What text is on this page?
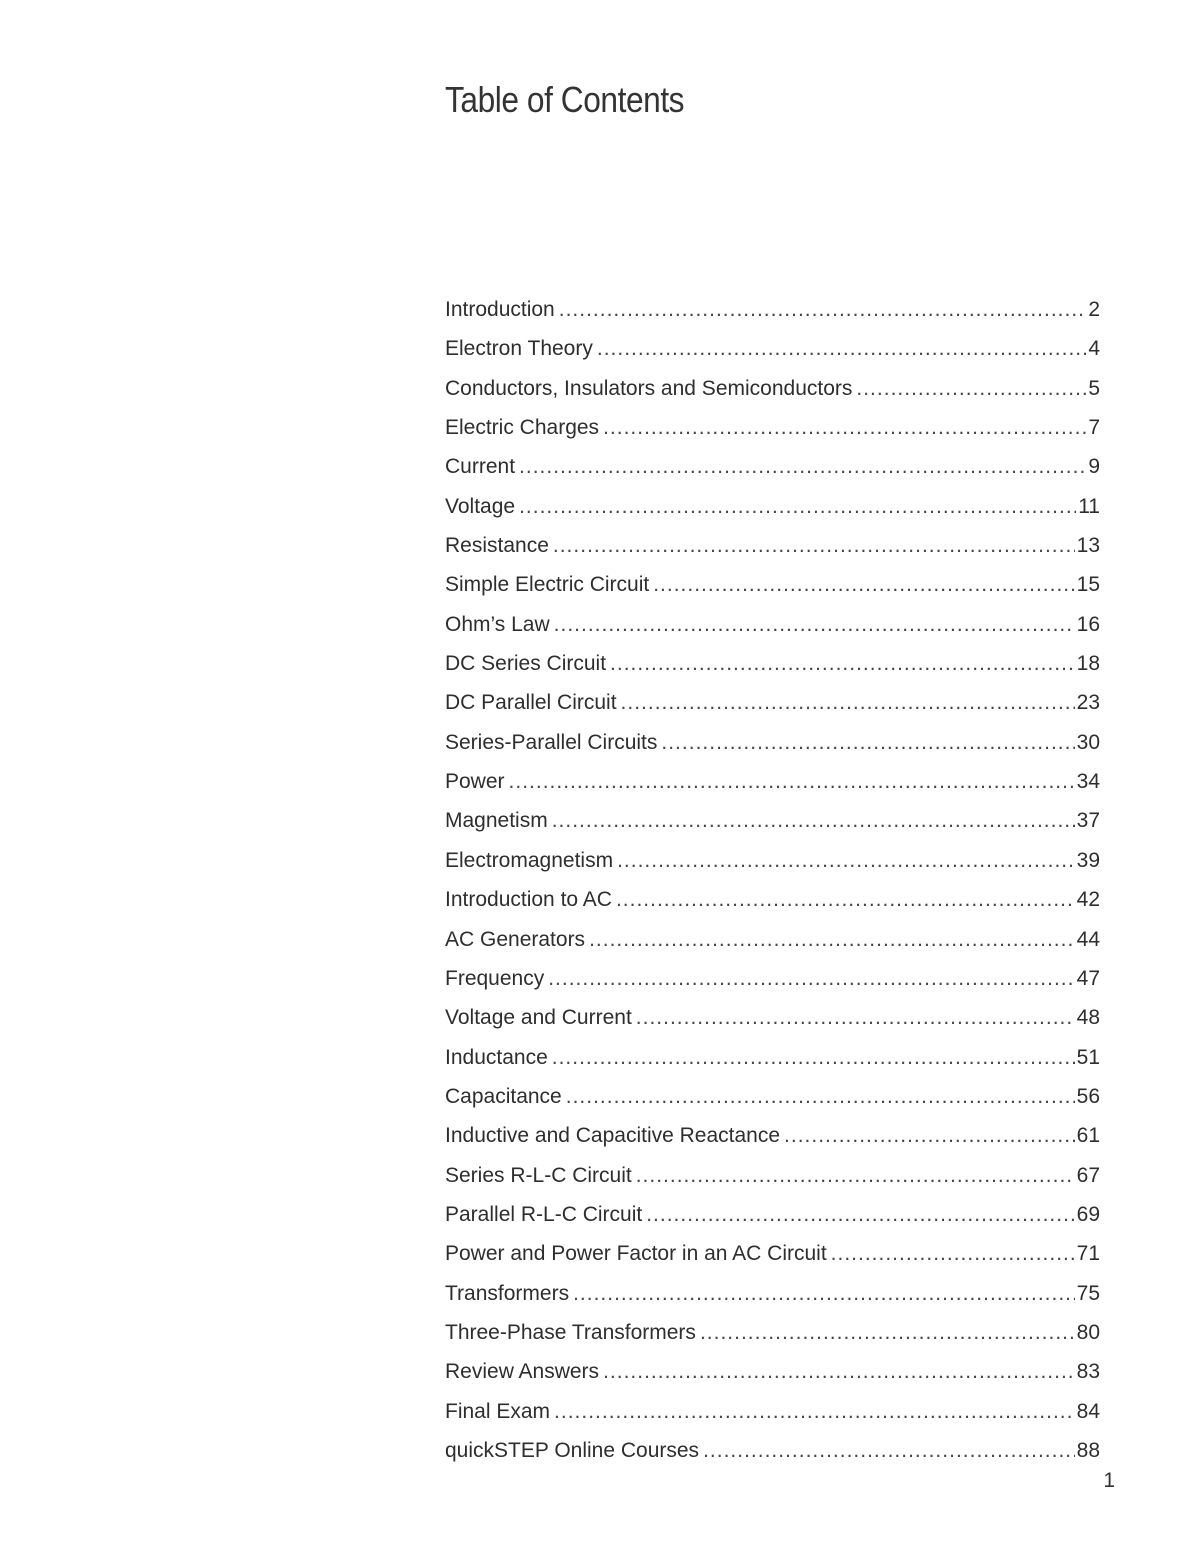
Table of Contents
Introduction .....	2
Electron Theory .....	4
Conductors, Insulators and Semiconductors .....	5
Electric Charges .....	7
Current .....	9
Voltage .....	11
Resistance .....	13
Simple Electric Circuit .....	15
Ohm’s Law .....	16
DC Series Circuit .....	18
DC Parallel Circuit .....	23
Series-Parallel Circuits .....	30
Power .....	34
Magnetism .....	37
Electromagnetism .....	39
Introduction to AC .....	42
AC Generators .....	44
Frequency .....	47
Voltage and Current .....	48
Inductance .....	51
Capacitance .....	56
Inductive and Capacitive Reactance .....	61
Series R-L-C Circuit .....	67
Parallel R-L-C Circuit .....	69
Power and Power Factor in an AC Circuit .....	71
Transformers .....	75
Three-Phase Transformers .....	80
Review Answers .....	83
Final Exam .....	84
quickSTEP Online Courses .....	88
1
